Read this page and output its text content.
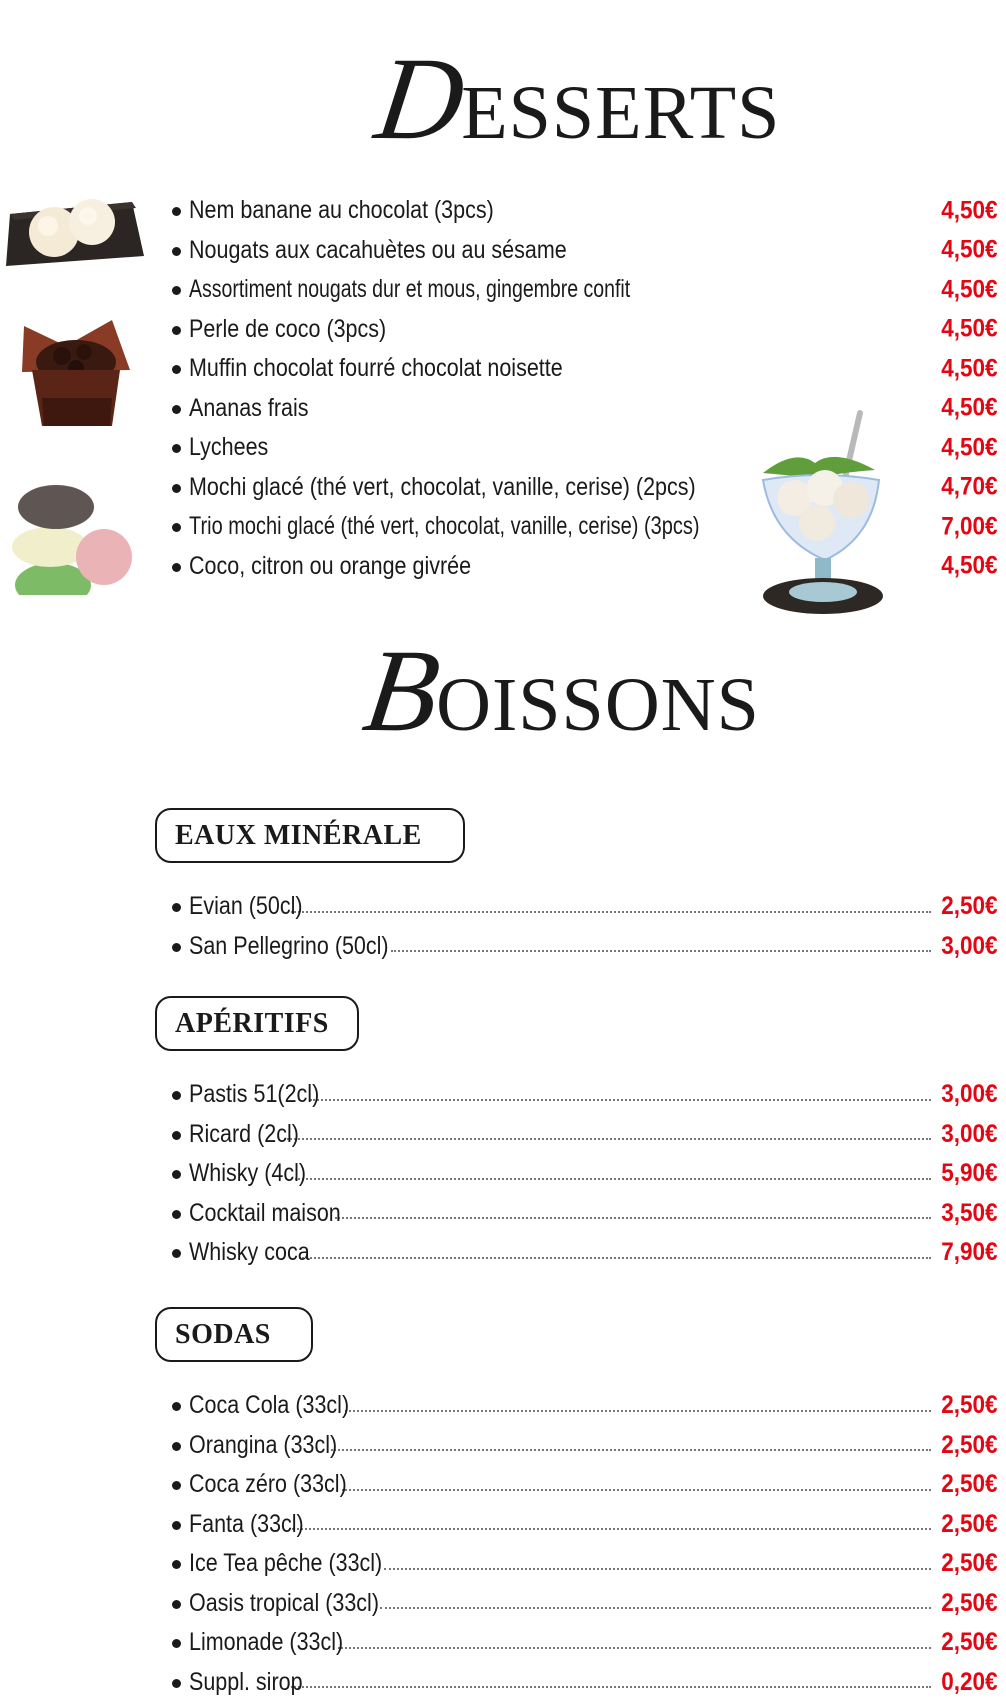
DESSERTS
Nem banane au chocolat (3pcs)	4,50€
Nougats aux cacahuètes ou au sésame	4,50€
Assortiment nougats dur et mous, gingembre confit	4,50€
Perle de coco (3pcs)	4,50€
Muffin chocolat fourré chocolat noisette	4,50€
Ananas frais	4,50€
Lychees	4,50€
Mochi glacé (thé vert, chocolat, vanille, cerise) (2pcs)	4,70€
Trio mochi glacé (thé vert, chocolat, vanille, cerise) (3pcs)	7,00€
Coco, citron ou orange givrée	4,50€
BOISSONS
EAUX MINÉRALE
Evian (50cl)	2,50€
San Pellegrino (50cl)	3,00€
APÉRITIFS
Pastis 51(2cl)	3,00€
Ricard (2cl)	3,00€
Whisky (4cl)	5,90€
Cocktail maison	3,50€
Whisky coca	7,90€
SODAS
Coca Cola (33cl)	2,50€
Orangina (33cl)	2,50€
Coca zéro (33cl)	2,50€
Fanta (33cl)	2,50€
Ice Tea pêche (33cl)	2,50€
Oasis tropical (33cl)	2,50€
Limonade (33cl)	2,50€
Suppl. sirop	0,20€
